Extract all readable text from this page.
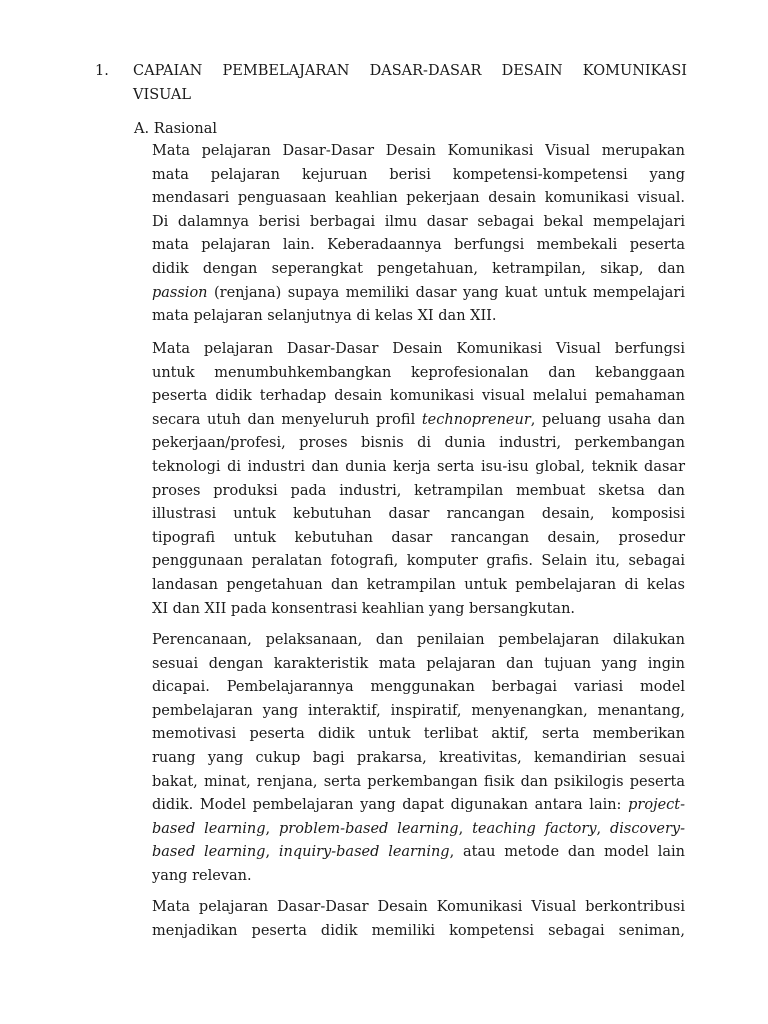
1. CAPAIAN PEMBELAJARAN DASAR-DASAR DESAIN KOMUNIKASI
VISUAL
A. Rasional

Mata pelajaran Dasar-Dasar Desain Komunikasi Visual merupakan
mata pelajaran kejuruan berisi kompetensi-kompetensi yang
mendasari penguasaan keahlian pekerjaan desain komunikasi visual.
Di dalamnya berisi berbagai ilmu dasar sebagai bekal mempelajari
mata pelajaran lain. Keberadaannya berfungsi membekali peserta
didik dengan seperangkat pengetahuan, ketrampilan, sikap, dan
passion (renjana) supaya memiliki dasar yang kuat untuk mempelajari
mata pelajaran selanjutnya di kelas XI dan XII.

Mata pelajaran Dasar-Dasar Desain Komunikasi Visual berfungsi
untuk menumbuhkembangkan keprofesionalan dan kebanggaan
peserta didik terhadap desain komunikasi visual melalui pemahaman
secara utuh dan menyeluruh profil technopreneur, peluang usaha dan
pekerjaan/profesi, proses bisnis di dunia industri, perkembangan
teknologi di industri dan dunia kerja serta isu-isu global, teknik dasar
proses produksi pada industri, ketrampilan membuat sketsa dan
illustrasi untuk kebutuhan dasar rancangan desain, komposisi
tipografi untuk kebutuhan dasar rancangan desain, prosedur
penggunaan peralatan fotografi, komputer grafis. Selain itu, sebagai
landasan pengetahuan dan ketrampilan untuk pembelajaran di kelas
XI dan XII pada konsentrasi keahlian yang bersangkutan.

Perencanaan, pelaksanaan, dan penilaian pembelajaran dilakukan
sesuai dengan karakteristik mata pelajaran dan tujuan yang ingin
dicapai. Pembelajarannya menggunakan berbagai variasi model
pembelajaran yang interaktif, inspiratif, menyenangkan, menantang,
memotivasi peserta didik untuk terlibat aktif, serta memberikan
ruang yang cukup bagi prakarsa, kreativitas, kemandirian sesuai
bakat, minat, renjana, serta perkembangan fisik dan psikilogis peserta
didik. Model pembelajaran yang dapat digunakan antara lain: project-
based learning, problem-based learning, teaching factory, discovery-
based learning, inquiry-based learning, atau metode dan model lain
yang relevan.

Mata pelajaran Dasar-Dasar Desain Komunikasi Visual berkontribusi
menjadikan peserta didik memiliki kompetensi sebagai seniman,
